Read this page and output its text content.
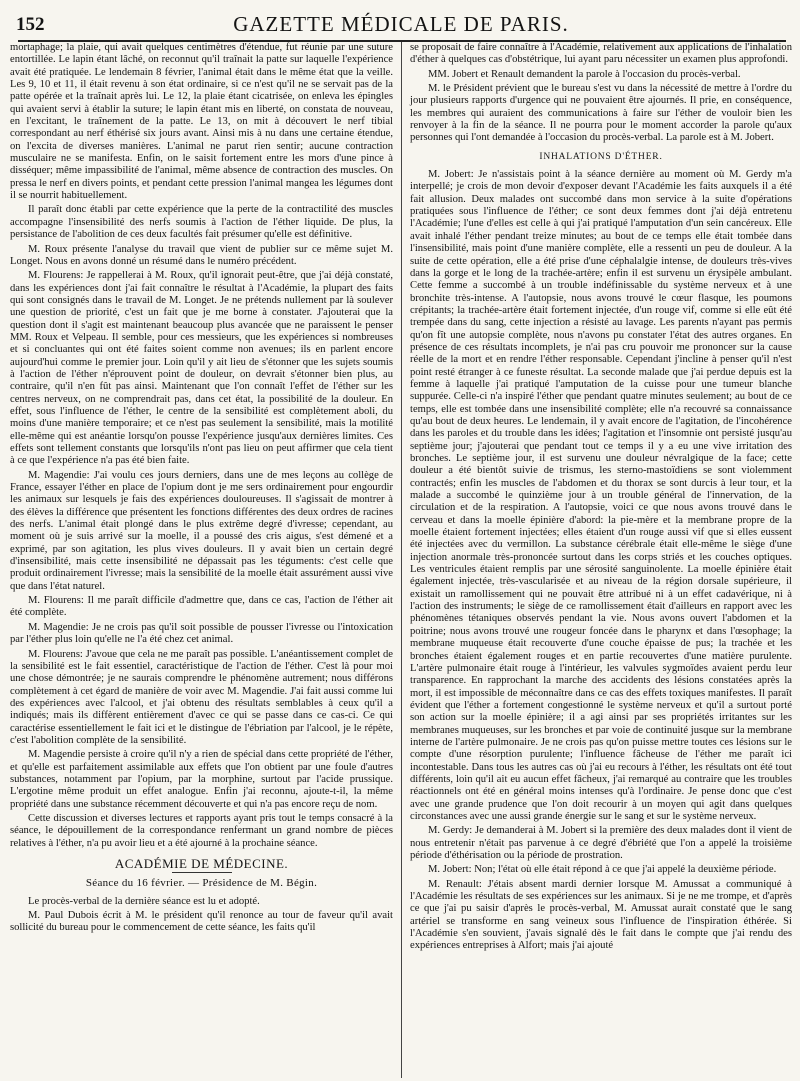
152	GAZETTE MÉDICALE DE PARIS.

mortaphage; la plaie, qui avait quelques centimètres d'étendue, fut réunie par une suture entortillée. Le lapin étant lâché, on reconnut qu'il traînait la patte sur laquelle l'expérience avait été pratiquée. Le lendemain 8 février, l'animal était dans le même état que la veille. Les 9, 10 et 11, il était revenu à son état ordinaire, si ce n'est qu'il ne se servait pas de la patte opérée et la traînait après lui. Le 12, la plaie étant cicatrisée, on enleva les épingles qui avaient servi à établir la suture; le lapin étant mis en liberté, on constata de nouveau, en l'excitant, le traînement de la patte. Le 13, on mit à découvert le nerf tibial correspondant au nerf éthérisé six jours avant. Ainsi mis à nu dans une certaine étendue, on l'excita de diverses manières. L'animal ne parut rien sentir; aucune contraction musculaire ne se manifesta. Enfin, on le saisit fortement entre les mors d'une pince à disséquer; même impassibilité de l'animal, même absence de contraction des muscles. On pressa le nerf en divers points, et pendant cette pression l'animal mangea les légumes dont il se nourrit habituellement.

Il paraît donc établi par cette expérience que la perte de la contractilité des muscles accompagne l'insensibilité des nerfs soumis à l'action de l'éther liquide. De plus, la persistance de l'abolition de ces deux facultés fait présumer qu'elle est définitive.

M. Roux présente l'analyse du travail que vient de publier sur ce même sujet M. Longet. Nous en avons donné un résumé dans le numéro précédent.

M. Flourens: Je rappellerai à M. Roux, qu'il ignorait peut-être, que j'ai déjà constaté, dans les expériences dont j'ai fait connaître le résultat à l'Académie, la plupart des faits qui sont consignés dans le travail de M. Longet. Je ne prétends nullement par là soulever une question de priorité, c'est un fait que je me borne à constater. J'ajouterai que la question dont il s'agit est maintenant beaucoup plus avancée que ne paraissent le penser MM. Roux et Velpeau. Il semble, pour ces messieurs, que les expériences si nombreuses et si concluantes qui ont été faites soient comme non avenues; ils en parlent encore aujourd'hui comme le premier jour. Loin qu'il y ait lieu de s'étonner que les sujets soumis à l'action de l'éther n'éprouvent point de douleur, on devrait s'étonner bien plus, au contraire, qu'il n'en fût pas ainsi. Maintenant que l'on connaît l'effet de l'éther sur les centres nerveux, on ne comprendrait pas, dans cet état, la possibilité de la douleur. En effet, sous l'influence de l'éther, le centre de la sensibilité est complètement aboli, du moins d'une manière temporaire; et ce n'est pas seulement la sensibilité, mais la motilité elle-même qui est anéantie lorsqu'on pousse l'expérience jusqu'aux dernières limites. Ces effets sont tellement constants que lorsqu'ils n'ont pas lieu on peut affirmer que cela tient à ce que l'expérience n'a pas été bien faite.

M. Magendie: J'ai voulu ces jours derniers, dans une de mes leçons au collège de France, essayer l'éther en place de l'opium dont je me sers ordinairement pour engourdir les animaux sur lesquels je fais des expériences douloureuses. Il s'agissait de montrer à des élèves la différence que présentent les fonctions différentes des deux ordres de racines des nerfs. L'animal était plongé dans le plus extrême degré d'ivresse; cependant, au moment où je suis arrivé sur la moelle, il a poussé des cris aigus, s'est démené et a exprimé, par son agitation, les plus vives douleurs. Il y avait bien un certain degré d'insensibilité, mais cette insensibilité ne dépassait pas les téguments: c'est celle que produit ordinairement l'ivresse; mais la sensibilité de la moelle était assurément aussi vive que dans l'état naturel.

M. Flourens: Il me paraît difficile d'admettre que, dans ce cas, l'action de l'éther ait été complète.

M. Magendie: Je ne crois pas qu'il soit possible de pousser l'ivresse ou l'intoxication par l'éther plus loin qu'elle ne l'a été chez cet animal.

M. Flourens: J'avoue que cela ne me paraît pas possible. L'anéantissement complet de la sensibilité est le fait essentiel, caractéristique de l'action de l'éther. C'est là pour moi une chose démontrée; je ne saurais comprendre le phénomène autrement; nous différons complètement à cet égard de manière de voir avec M. Magendie. J'ai fait aussi comme lui des expériences avec l'alcool, et j'ai obtenu des résultats semblables à ceux qu'il a indiqués; mais ils diffèrent entièrement d'avec ce qui se passe dans ce cas-ci. Ce qui caractérise essentiellement le fait ici et le distingue de l'ébriation par l'alcool, je le répète, c'est l'abolition complète de la sensibilité.

M. Magendie persiste à croire qu'il n'y a rien de spécial dans cette propriété de l'éther, et qu'elle est parfaitement assimilable aux effets que l'on obtient par une foule d'autres substances, notamment par l'opium, par la morphine, surtout par l'acide prussique. L'ergotine même produit un effet analogue. Enfin j'ai reconnu, ajoute-t-il, la même propriété dans une substance récemment découverte et qui n'a pas encore reçu de nom.

Cette discussion et diverses lectures et rapports ayant pris tout le temps consacré à la séance, le dépouillement de la correspondance renfermant un grand nombre de pièces relatives à l'éther, n'a pu avoir lieu et a été ajourné à la prochaine séance.

ACADÉMIE DE MÉDECINE.
Séance du 16 février. — Présidence de M. Bégin.

Le procès-verbal de la dernière séance est lu et adopté.

M. Paul Dubois écrit à M. le président qu'il renonce au tour de faveur qu'il avait sollicité du bureau pour le commencement de cette séance, les faits qu'il

se proposait de faire connaître à l'Académie, relativement aux applications de l'inhalation d'éther à quelques cas d'obstétrique, lui ayant paru nécessiter un examen plus approfondi.

MM. Jobert et Renault demandent la parole à l'occasion du procès-verbal.

M. le Président prévient que le bureau s'est vu dans la nécessité de mettre à l'ordre du jour plusieurs rapports d'urgence qui ne pouvaient être ajournés. Il prie, en conséquence, les membres qui auraient des communications à faire sur l'éther de vouloir bien les renvoyer à la fin de la séance. Il ne pourra pour le moment accorder la parole qu'aux personnes qui l'ont demandée à l'occasion du procès-verbal. La parole est à M. Jobert.

INHALATIONS D'ÉTHER.

M. Jobert: Je n'assistais point à la séance dernière au moment où M. Gerdy m'a interpellé; je crois de mon devoir d'exposer devant l'Académie les faits auxquels il a été fait allusion. Deux malades ont succombé dans mon service à la suite d'opérations pratiquées sous l'influence de l'éther; ce sont deux femmes dont j'ai déjà entretenu l'Académie; l'une d'elles est celle à qui j'ai pratiqué l'amputation d'un sein cancéreux. Elle avait inhalé l'éther pendant treize minutes; au bout de ce temps elle était tombée dans l'insensibilité, mais point d'une manière complète, elle a ressenti un peu de douleur. A la suite de cette opération, elle a été prise d'une céphalalgie intense, de douleurs très-vives dans la gorge et le long de la trachée-artère; enfin il est survenu un érysipèle ambulant. Cette femme a succombé à un trouble indéfinissable du système nerveux et à une bronchite très-intense. A l'autopsie, nous avons trouvé le cœur flasque, les poumons crépitants; la trachée-artère était fortement injectée, d'un rouge vif, comme si elle eût été trempée dans du sang, cette injection a résisté au lavage. Les parents n'ayant pas permis qu'on fît une autopsie complète, nous n'avons pu constater l'état des autres organes. En présence de ces résultats incomplets, je n'ai pas cru pouvoir me prononcer sur la cause réelle de la mort et en rendre l'éther responsable. Cependant j'incline à penser qu'il n'est point resté étranger à ce funeste résultat. La seconde malade que j'ai perdue depuis est la femme à laquelle j'ai pratiqué l'amputation de la cuisse pour une tumeur blanche suppurée. Celle-ci n'a inspiré l'éther que pendant quatre minutes seulement; au bout de ce temps, elle est tombée dans une insensibilité complète; elle n'a recouvré sa connaissance qu'au bout de deux heures. Le lendemain, il y avait encore de l'agitation, de l'incohérence dans les paroles et du trouble dans les idées; l'agitation et l'insomnie ont persisté jusqu'au septième jour; j'ajouterai que pendant tout ce temps il y a eu une vive irritation des bronches. Le septième jour, il est survenu une douleur névralgique de la face; cette douleur a été bientôt suivie de trismus, les sterno-mastoïdiens se sont violemment contractés; enfin les muscles de l'abdomen et du thorax se sont durcis à leur tour, et la malade a succombé le quinzième jour à un trouble général de l'innervation, de la circulation et de la respiration. A l'autopsie, voici ce que nous avons trouvé dans le cerveau et dans la moelle épinière d'abord: la pie-mère et la membrane propre de la moelle étaient fortement injectées; elles étaient d'un rouge aussi vif que si elles eussent été injectées avec du vermillon. La substance cérébrale était elle-même le siège d'une injection anormale très-prononcée surtout dans les corps striés et les couches optiques. Les ventricules étaient remplis par une sérosité sanguinolente. La moelle épinière était également injectée, très-vascularisée et au niveau de la région dorsale supérieure, il existait un ramollissement qui ne pouvait être attribué ni à un effet cadavérique, ni à l'action des instruments; le siège de ce ramollissement était d'ailleurs en rapport avec les phénomènes tétaniques observés pendant la vie. Nous avons ouvert l'abdomen et la poitrine; nous avons trouvé une rougeur foncée dans le pharynx et dans l'œsophage; la membrane muqueuse était recouverte d'une couche épaisse de pus; la trachée et les bronches étaient également rouges et en partie recouvertes d'une matière purulente. L'artère pulmonaire était rouge à l'intérieur, les valvules sygmoïdes avaient perdu leur transparence. En rapprochant la marche des accidents des lésions constatées après la mort, il est impossible de méconnaître dans ce cas des effets toxiques manifestes. Il paraît évident que l'éther a fortement congestionné le système nerveux et qu'il a surtout porté son action sur la moelle épinière; il a agi ainsi par ses propriétés irritantes sur les membranes muqueuses, sur les bronches et par voie de continuité jusque sur la membrane interne de l'artère pulmonaire. Je ne crois pas qu'on puisse mettre toutes ces lésions sur le compte d'une résorption purulente; l'influence fâcheuse de l'éther me paraît ici incontestable. Dans tous les autres cas où j'ai eu recours à l'éther, les résultats ont été tout différents, loin qu'il ait eu aucun effet fâcheux, j'ai remarqué au contraire que les troubles réactionnels ont été en général moins intenses qu'à l'ordinaire. Je pense donc que c'est avec une grande prudence que l'on doit recourir à un moyen qui agit dans quelques circonstances avec une aussi grande énergie sur le sang et sur le système nerveux.

M. Gerdy: Je demanderai à M. Jobert si la première des deux malades dont il vient de nous entretenir n'était pas parvenue à ce degré d'ébriété que l'on a appelé la troisième période d'éthérisation ou la période de prostration.

M. Jobert: Non; l'état où elle était répond à ce que j'ai appelé la deuxième période.

M. Renault: J'étais absent mardi dernier lorsque M. Amussat a communiqué à l'Académie les résultats de ses expériences sur les animaux. Si je ne me trompe, et d'après ce que j'ai pu saisir d'après le procès-verbal, M. Amussat aurait constaté que le sang artériel se transforme en sang veineux sous l'influence de l'inspiration éthérée. Si l'Académie s'en souvient, j'avais signalé dès le fait dans le compte que j'ai rendu des expériences entreprises à Alfort; mais j'ai ajouté
